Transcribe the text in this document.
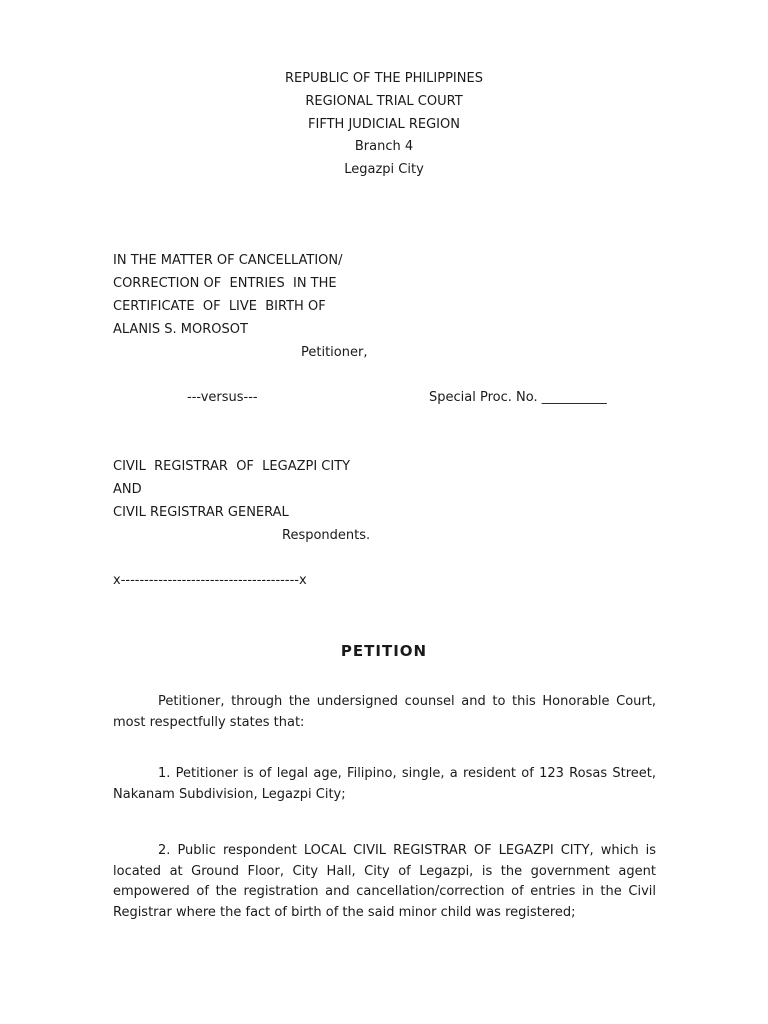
REPUBLIC OF THE PHILIPPINES
REGIONAL TRIAL COURT
FIFTH JUDICIAL REGION
Branch 4
Legazpi City
IN THE MATTER OF CANCELLATION/
CORRECTION OF  ENTRIES  IN THE
CERTIFICATE  OF  LIVE  BIRTH OF
ALANIS S. MOROSOT
Petitioner,
---versus---	Special Proc. No. __________
CIVIL  REGISTRAR  OF  LEGAZPI CITY
AND
CIVIL REGISTRAR GENERAL
Respondents.
x--------------------------------------x
PETITION
Petitioner, through the undersigned counsel and to this Honorable Court, most respectfully states that:
1. Petitioner is of legal age, Filipino, single, a resident of 123 Rosas Street, Nakanam Subdivision, Legazpi City;
2. Public respondent LOCAL CIVIL REGISTRAR OF LEGAZPI CITY, which is located at Ground Floor, City Hall, City of Legazpi, is the government agent empowered of the registration and cancellation/correction of entries in the Civil Registrar where the fact of birth of the said minor child was registered;
